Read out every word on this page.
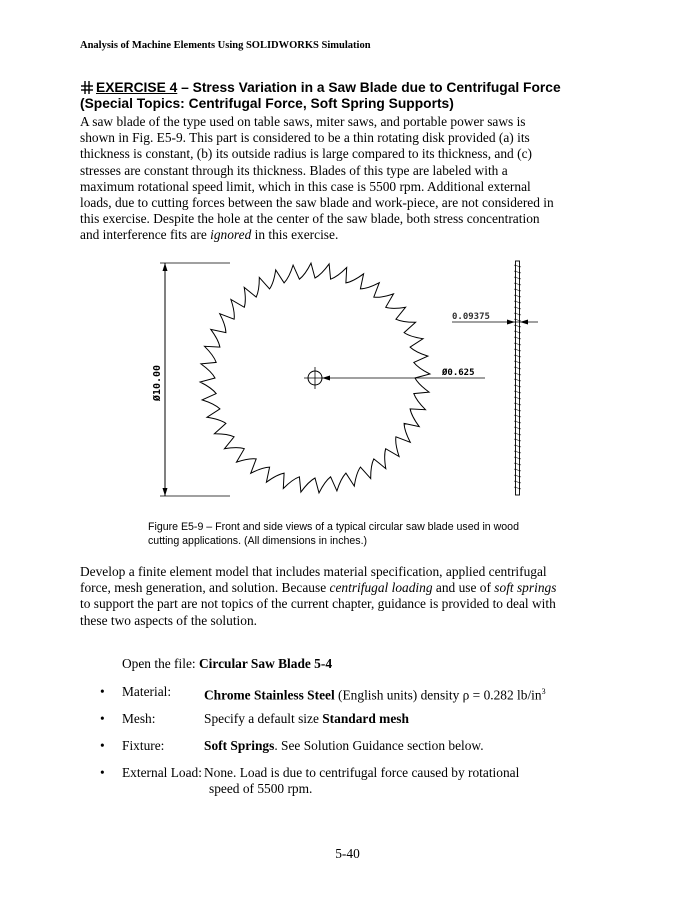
Analysis of Machine Elements Using SOLIDWORKS Simulation
EXERCISE 4 – Stress Variation in a Saw Blade due to Centrifugal Force
(Special Topics: Centrifugal Force, Soft Spring Supports)
A saw blade of the type used on table saws, miter saws, and portable power saws is
shown in Fig. E5-9. This part is considered to be a thin rotating disk provided (a) its
thickness is constant, (b) its outside radius is large compared to its thickness, and (c)
stresses are constant through its thickness. Blades of this type are labeled with a
maximum rotational speed limit, which in this case is 5500 rpm. Additional external
loads, due to cutting forces between the saw blade and work-piece, are not considered in
this exercise. Despite the hole at the center of the saw blade, both stress concentration
and interference fits are ignored in this exercise.
Ø10.00	Ø0.625
0.09375
Figure E5-9 – Front and side views of a typical circular saw blade used in wood
cutting applications. (All dimensions in inches.)
Develop a finite element model that includes material specification, applied centrifugal
force, mesh generation, and solution. Because centrifugal loading and use of soft springs
to support the part are not topics of the current chapter, guidance is provided to deal with
these two aspects of the solution.
Open the file: Circular Saw Blade 5-4
• Material: Chrome Stainless Steel (English units) density ρ = 0.282 $lb/in^3$
• Mesh:	Specify a default size Standard mesh
• Fixture:	Soft Springs. See Solution Guidance section below.
• External Load: None. Load is due to centrifugal force caused by rotational
speed of 5500 rpm.
5-40
